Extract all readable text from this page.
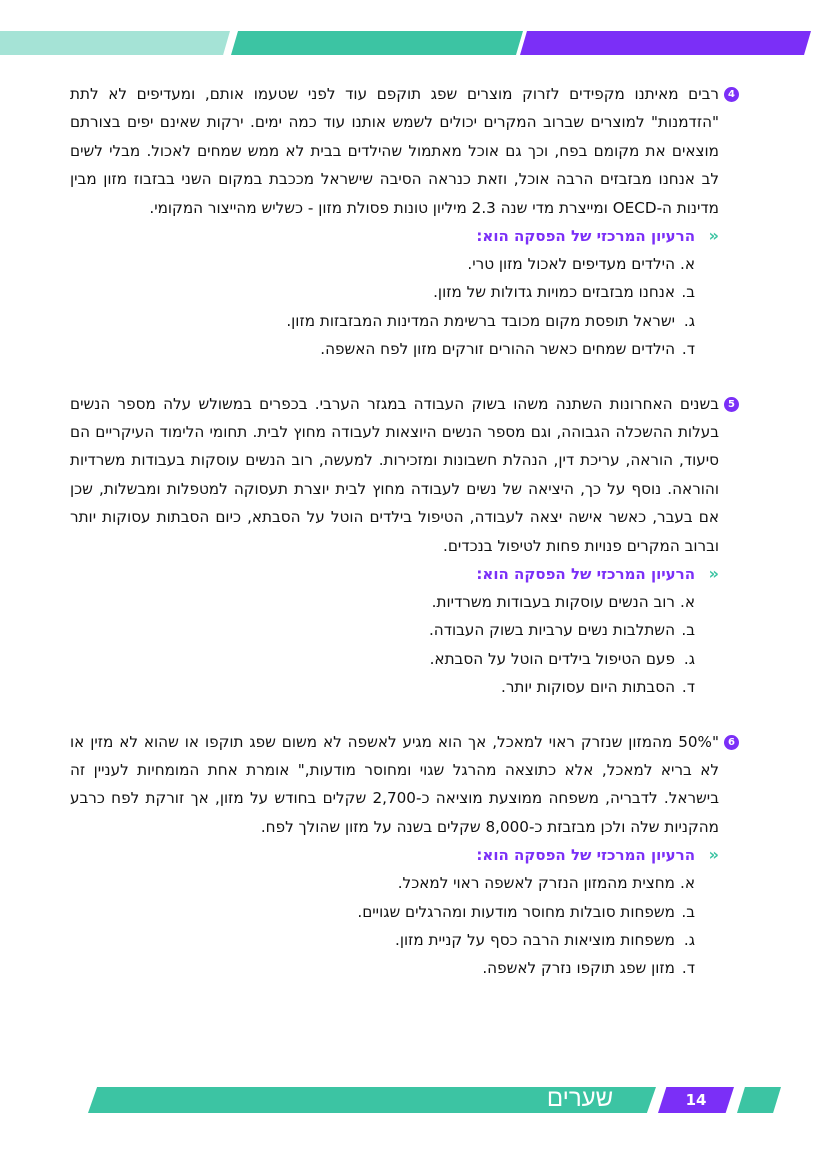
4
רבים מאיתנו מקפידים לזרוק מוצרים שפג תוקפם עוד לפני שטעמו אותם, ומעדיפים לא לתת "הזדמנות" למוצרים שברוב המקרים יכולים לשמש אותנו עוד כמה ימים. ירקות שאינם יפים בצורתם מוצאים את מקומם בפח, וכך גם אוכל מאתמול שהילדים בבית לא ממש שמחים לאכול. מבלי לשים לב אנחנו מבזבזים הרבה אוכל, וזאת כנראה הסיבה שישראל מככבת במקום השני בבזבוז מזון מבין מדינות ה-OECD ומייצרת מדי שנה 2.3 מיליון טונות פסולת מזון - כשליש מהייצור המקומי.
«
הרעיון המרכזי של הפסקה הוא:
א.
הילדים מעדיפים לאכול מזון טרי.
ב.
אנחנו מבזבזים כמויות גדולות של מזון.
ג.
ישראל תופסת מקום מכובד ברשימת המדינות המבזבזות מזון.
ד.
הילדים שמחים כאשר ההורים זורקים מזון לפח האשפה.
5
בשנים האחרונות השתנה משהו בשוק העבודה במגזר הערבי. בכפרים במשולש עלה מספר הנשים בעלות ההשכלה הגבוהה, וגם מספר הנשים היוצאות לעבודה מחוץ לבית. תחומי הלימוד העיקריים הם סיעוד, הוראה, עריכת דין, הנהלת חשבונות ומזכירות. למעשה, רוב הנשים עוסקות בעבודות משרדיות והוראה. נוסף על כך, היציאה של נשים לעבודה מחוץ לבית יוצרת תעסוקה למטפלות ומבשלות, שכן אם בעבר, כאשר אישה יצאה לעבודה, הטיפול בילדים הוטל על הסבתא, כיום הסבתות עסוקות יותר וברוב המקרים פנויות פחות לטיפול בנכדים.
«
הרעיון המרכזי של הפסקה הוא:
א.
רוב הנשים עוסקות בעבודות משרדיות.
ב.
השתלבות נשים ערביות בשוק העבודה.
ג.
פעם הטיפול בילדים הוטל על הסבתא.
ד.
הסבתות היום עסוקות יותר.
6
"50% מהמזון שנזרק ראוי למאכל, אך הוא מגיע לאשפה לא משום שפג תוקפו או שהוא לא מזין או לא בריא למאכל, אלא כתוצאה מהרגל שגוי ומחוסר מודעות," אומרת אחת המומחיות לעניין זה בישראל. לדבריה, משפחה ממוצעת מוציאה כ-2,700 שקלים בחודש על מזון, אך זורקת לפח כרבע מהקניות שלה ולכן מבזבזת כ-8,000 שקלים בשנה על מזון שהולך לפח.
«
הרעיון המרכזי של הפסקה הוא:
א.
מחצית מהמזון הנזרק לאשפה ראוי למאכל.
ב.
משפחות סובלות מחוסר מודעות ומהרגלים שגויים.
ג.
משפחות מוציאות הרבה כסף על קניית מזון.
ד.
מזון שפג תוקפו נזרק לאשפה.
שערים	14
